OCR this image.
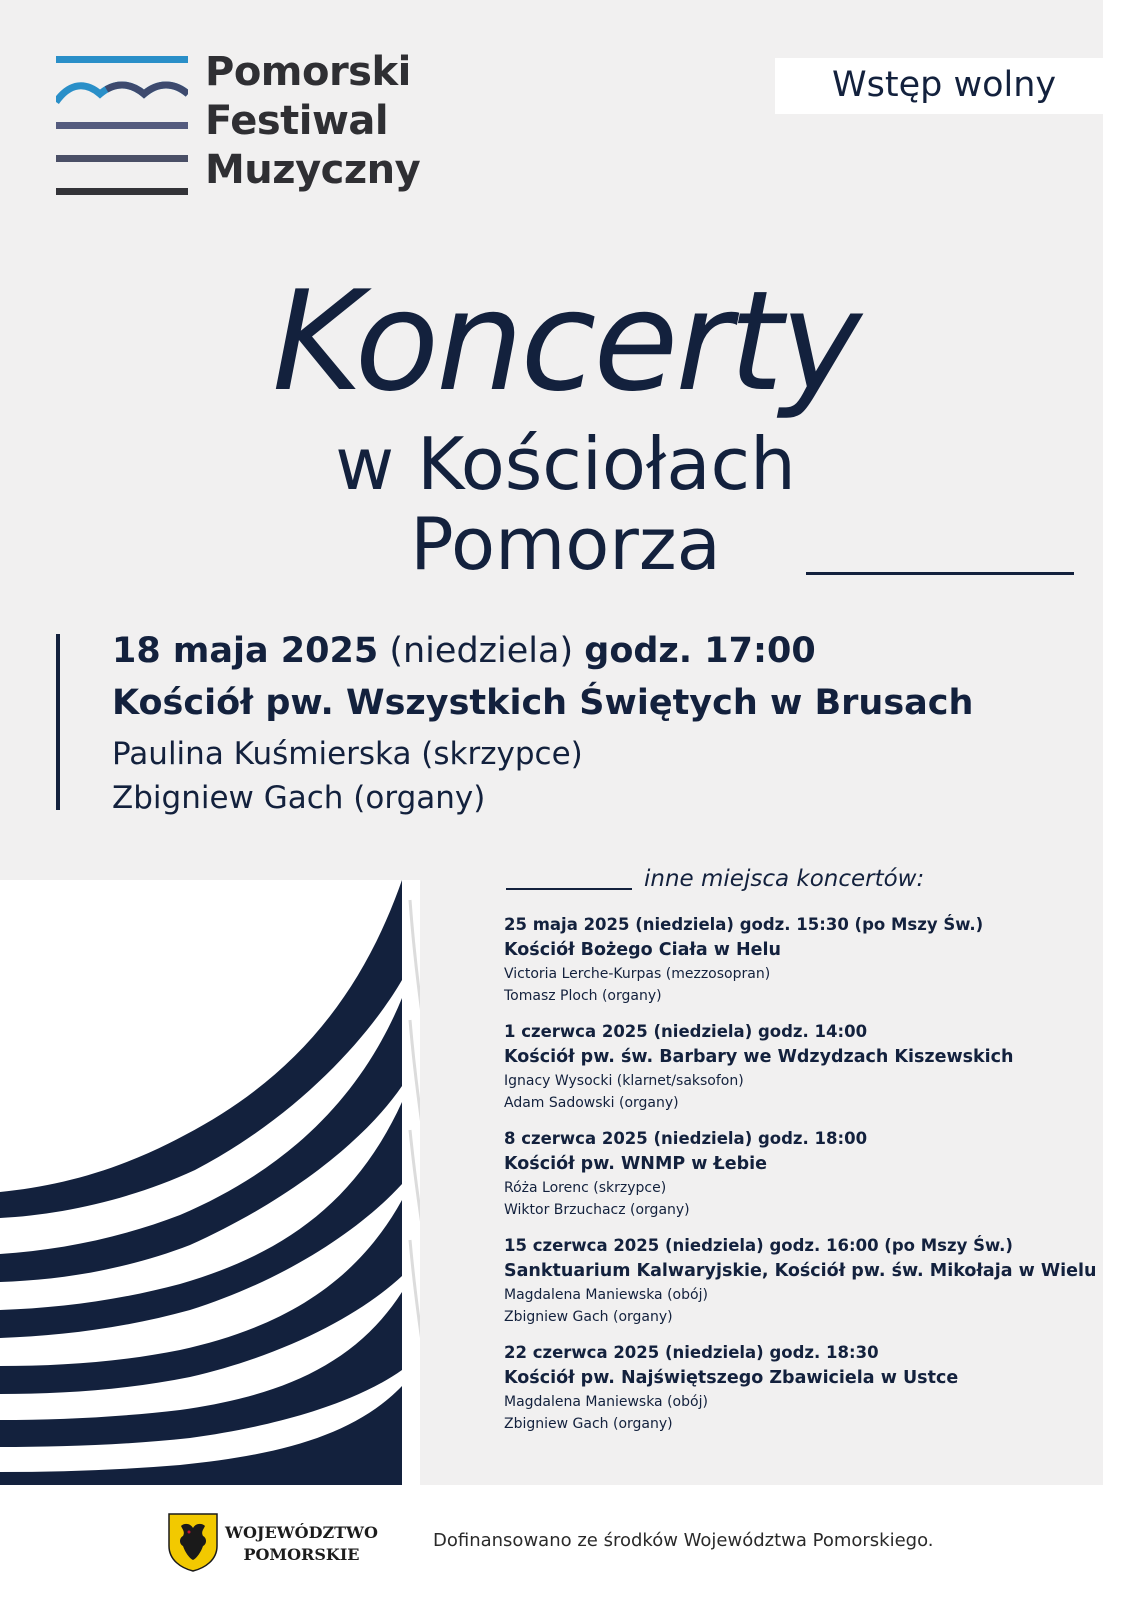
Pomorski
Festiwal
Muzyczny
Wstęp wolny
Koncerty
w Kościołach
Pomorza
18 maja 2025 (niedziela) godz. 17:00
Kościół pw. Wszystkich Świętych w Brusach
Paulina Kuśmierska (skrzypce)
Zbigniew Gach (organy)
inne miejsca koncertów:
25 maja 2025 (niedziela) godz. 15:30 (po Mszy Św.)
Kościół Bożego Ciała w Helu
Victoria Lerche-Kurpas (mezzosopran)
Tomasz Ploch (organy)
1 czerwca 2025 (niedziela) godz. 14:00
Kościół pw. św. Barbary we Wdzydzach Kiszewskich
Ignacy Wysocki (klarnet/saksofon)
Adam Sadowski (organy)
8 czerwca 2025 (niedziela) godz. 18:00
Kościół pw. WNMP w Łebie
Róża Lorenc (skrzypce)
Wiktor Brzuchacz (organy)
15 czerwca 2025 (niedziela) godz. 16:00 (po Mszy Św.)
Sanktuarium Kalwaryjskie, Kościół pw. św. Mikołaja w Wielu
Magdalena Maniewska (obój)
Zbigniew Gach (organy)
22 czerwca 2025 (niedziela) godz. 18:30
Kościół pw. Najświętszego Zbawiciela w Ustce
Magdalena Maniewska (obój)
Zbigniew Gach (organy)
WOJEWÓDZTWO
POMORSKIE
Dofinansowano ze środków Województwa Pomorskiego.
